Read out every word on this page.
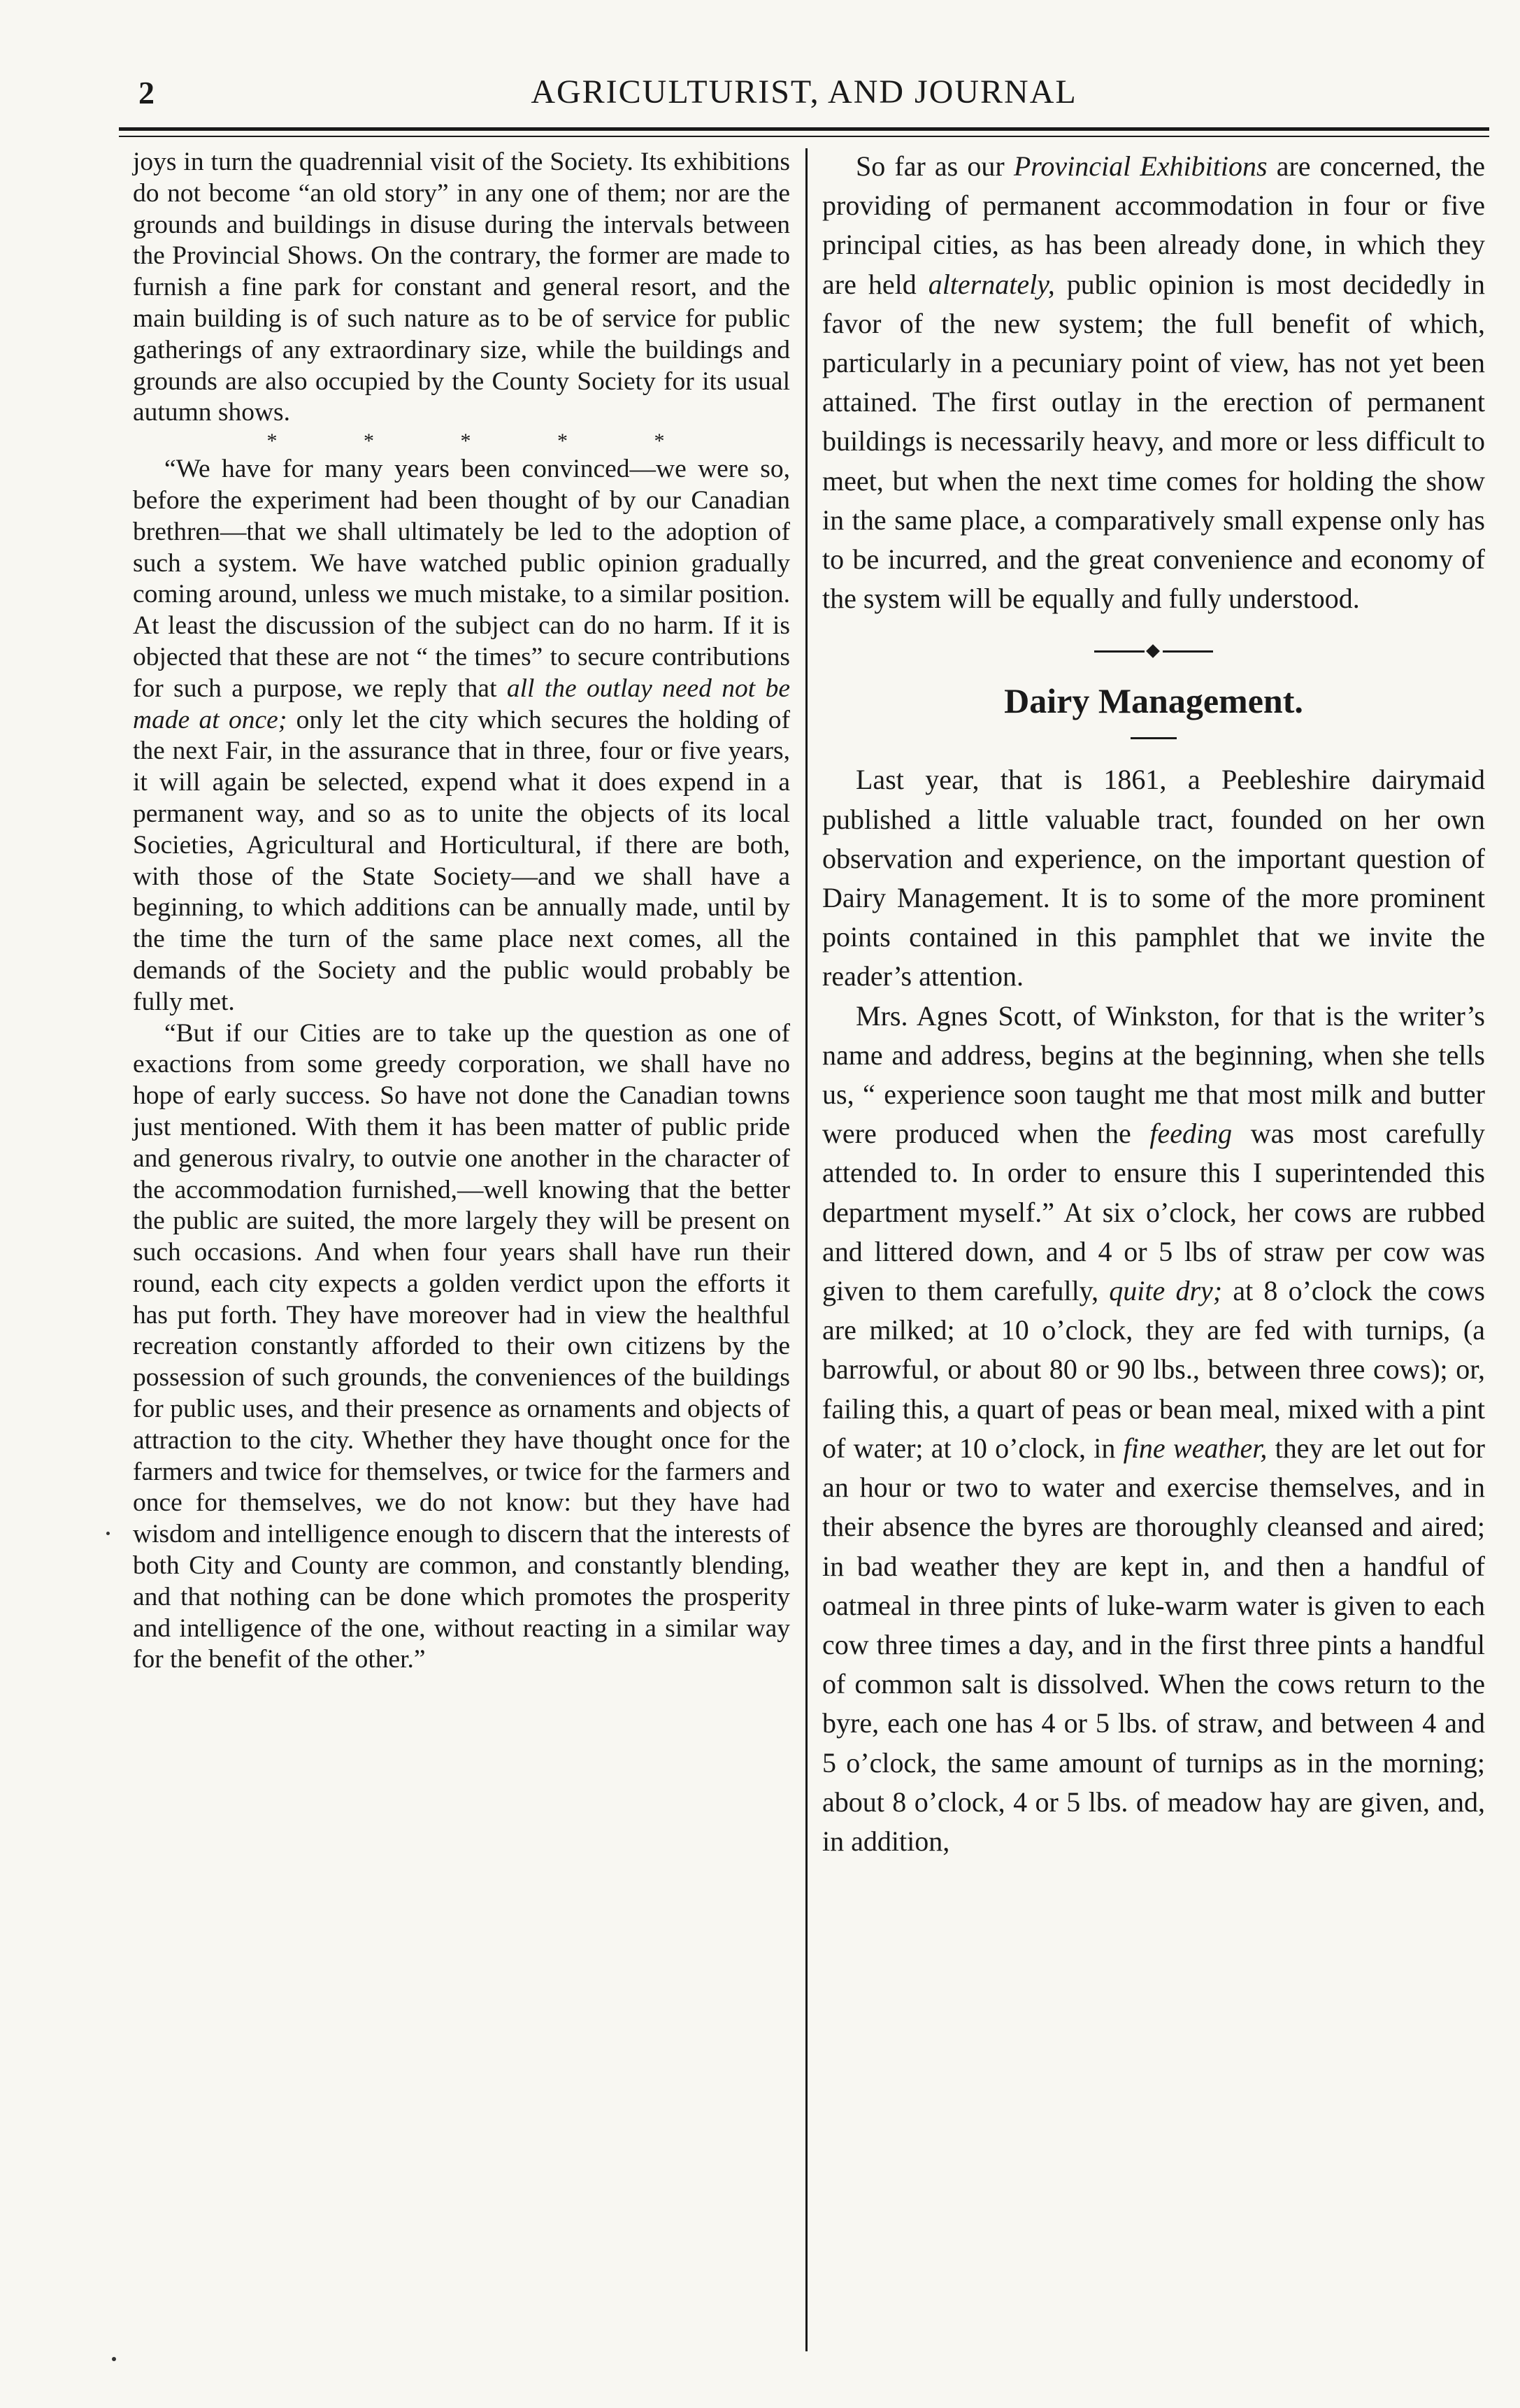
2	AGRICULTURIST, AND JOURNAL

joys in turn the quadrennial visit of the Society. Its exhibitions do not become “an old story” in any one of them; nor are the grounds and buildings in disuse during the intervals between the Provincial Shows. On the contrary, the former are made to furnish a fine park for constant and general resort, and the main building is of such nature as to be of service for public gatherings of any extraordinary size, while the buildings and grounds are also occupied by the County Society for its usual autumn shows.

* * * * *

“We have for many years been convinced—we were so, before the experiment had been thought of by our Canadian brethren—that we shall ultimately be led to the adoption of such a system. We have watched public opinion gradually coming around, unless we much mistake, to a similar position. At least the discussion of the subject can do no harm. If it is objected that these are not “ the times” to secure contributions for such a purpose, we reply that all the outlay need not be made at once; only let the city which secures the holding of the next Fair, in the assurance that in three, four or five years, it will again be selected, expend what it does expend in a permanent way, and so as to unite the objects of its local Societies, Agricultural and Horticultural, if there are both, with those of the State Society—and we shall have a beginning, to which additions can be annually made, until by the time the turn of the same place next comes, all the demands of the Society and the public would probably be fully met.

“But if our Cities are to take up the question as one of exactions from some greedy corporation, we shall have no hope of early success. So have not done the Canadian towns just mentioned. With them it has been matter of public pride and generous rivalry, to outvie one another in the character of the accommodation furnished,—well knowing that the better the public are suited, the more largely they will be present on such occasions. And when four years shall have run their round, each city expects a golden verdict upon the efforts it has put forth. They have moreover had in view the healthful recreation constantly afforded to their own citizens by the possession of such grounds, the conveniences of the buildings for public uses, and their presence as ornaments and objects of attraction to the city. Whether they have thought once for the farmers and twice for themselves, or twice for the farmers and once for themselves, we do not know: but they have had wisdom and intelligence enough to discern that the interests of both City and County are common, and constantly blending, and that nothing can be done which promotes the prosperity and intelligence of the one, without reacting in a similar way for the benefit of the other.”

So far as our Provincial Exhibitions are concerned, the providing of permanent accommodation in four or five principal cities, as has been already done, in which they are held alternately, public opinion is most decidedly in favor of the new system; the full benefit of which, particularly in a pecuniary point of view, has not yet been attained. The first outlay in the erection of permanent buildings is necessarily heavy, and more or less difficult to meet, but when the next time comes for holding the show in the same place, a comparatively small expense only has to be incurred, and the great convenience and economy of the system will be equally and fully understood.

Dairy Management.

Last year, that is 1861, a Peebleshire dairymaid published a little valuable tract, founded on her own observation and experience, on the important question of Dairy Management. It is to some of the more prominent points contained in this pamphlet that we invite the reader’s attention.

Mrs. Agnes Scott, of Winkston, for that is the writer’s name and address, begins at the beginning, when she tells us, “ experience soon taught me that most milk and butter were produced when the feeding was most carefully attended to. In order to ensure this I superintended this department myself.” At six o’clock, her cows are rubbed and littered down, and 4 or 5 lbs of straw per cow was given to them carefully, quite dry; at 8 o’clock the cows are milked; at 10 o’clock, they are fed with turnips, (a barrowful, or about 80 or 90 lbs., between three cows); or, failing this, a quart of peas or bean meal, mixed with a pint of water; at 10 o’clock, in fine weather, they are let out for an hour or two to water and exercise themselves, and in their absence the byres are thoroughly cleansed and aired; in bad weather they are kept in, and then a handful of oatmeal in three pints of luke-warm water is given to each cow three times a day, and in the first three pints a handful of common salt is dissolved. When the cows return to the byre, each one has 4 or 5 lbs. of straw, and between 4 and 5 o’clock, the same amount of turnips as in the morning; about 8 o’clock, 4 or 5 lbs. of meadow hay are given, and, in addition,
